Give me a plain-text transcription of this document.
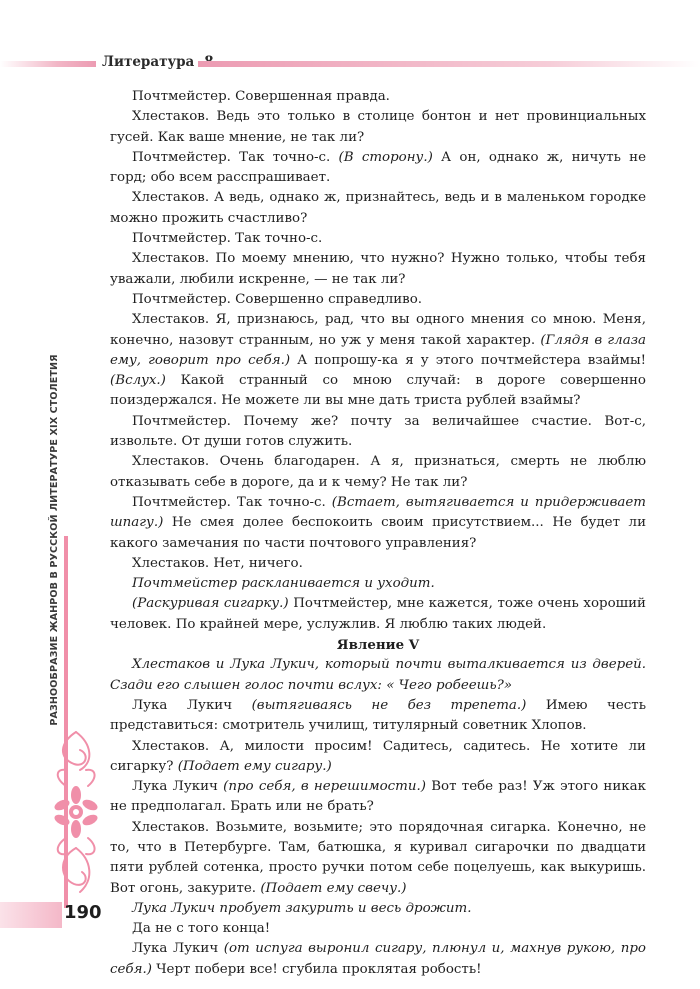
Литература
РАЗНООБРАЗИЕ ЖАНРОВ В РУССКОЙ ЛИТЕРАТУРЕ XIX СТОЛЕТИЯ
190

Почтмейстер. Совершенная правда.

Хлестаков. Ведь это только в столице бонтон и нет провинциальных гусей. Как ваше мнение, не так ли?

Почтмейстер. Так точно-с. (В сторону.) А он, однако ж, ничуть не горд; обо всем расспрашивает.

Хлестаков. А ведь, однако ж, признайтесь, ведь и в маленьком городке можно прожить счастливо?

Почтмейстер. Так точно-с.

Хлестаков. По моему мнению, что нужно? Нужно только, чтобы тебя уважали, любили искренне, — не так ли?

Почтмейстер. Совершенно справедливо.

Хлестаков. Я, признаюсь, рад, что вы одного мнения со мною. Меня, конечно, назовут странным, но уж у меня такой характер. (Глядя в глаза ему, говорит про себя.) А попрошу-ка я у этого почтмейстера взаймы! (Вслух.) Какой странный со мною случай: в дороге совершенно поиздержался. Не можете ли вы мне дать триста рублей взаймы?

Почтмейстер. Почему же? почту за величайшее счастие. Вот-с, извольте. От души готов служить.

Хлестаков. Очень благодарен. А я, признаться, смерть не люблю отказывать себе в дороге, да и к чему? Не так ли?

Почтмейстер. Так точно-с. (Встает, вытягивается и придерживает шпагу.) Не смея долее беспокоить своим присутствием... Не будет ли какого замечания по части почтового управления?

Хлестаков. Нет, ничего.

Почтмейстер раскланивается и уходит.

(Раскуривая сигарку.) Почтмейстер, мне кажется, тоже очень хороший человек. По крайней мере, услужлив. Я люблю таких людей.

Явление V

Хлестаков и Лука Лукич, который почти выталкивается из дверей. Сзади его слышен голос почти вслух: « Чего робеешь?»

Лука Лукич (вытягиваясь не без трепета.) Имею честь представиться: смотритель училищ, титулярный советник Хлопов.

Хлестаков. А, милости просим! Садитесь, садитесь. Не хотите ли сигарку? (Подает ему сигару.)

Лука Лукич (про себя, в нерешимости.) Вот тебе раз! Уж этого никак не предполагал. Брать или не брать?

Хлестаков. Возьмите, возьмите; это порядочная сигарка. Конечно, не то, что в Петербурге. Там, батюшка, я куривал сигарочки по двадцати пяти рублей сотенка, просто ручки потом себе поцелуешь, как выкуришь. Вот огонь, закурите. (Подает ему свечу.)

Лука Лукич пробует закурить и весь дрожит.

Да не с того конца!

Лука Лукич (от испуга выронил сигару, плюнул и, махнув рукою, про себя.) Черт побери все! сгубила проклятая робость!
